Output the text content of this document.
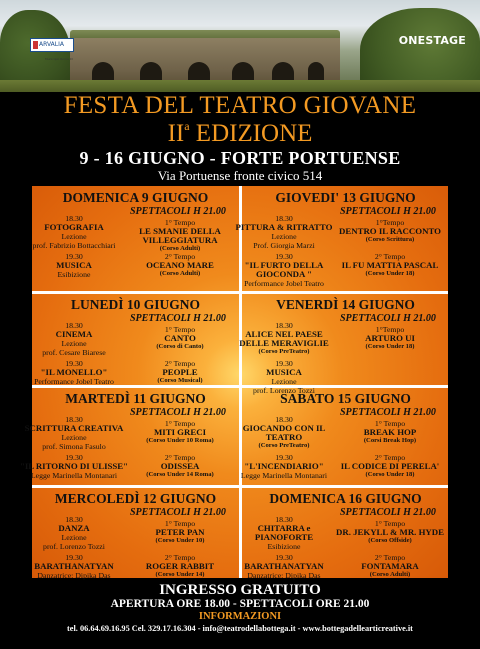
ARVALIA
Municipio Roma XI
ONESTAGE
FESTA DEL TEATRO GIOVANE
$II^a$ EDIZIONE
9 - 16 GIUGNO - FORTE PORTUENSE
Via Portuense fronte civico 514
DOMENICA 9 GIUGNO
SPETTACOLI H 21.00
18.30
FOTOGRAFIA
Lezione
prof. Fabrizio Bottacchiari
19.30
MUSICA
Esibizione
1° Tempo
LE SMANIE DELLA
VILLEGGIATURA
(Corso Adulti)
2° Tempo
OCEANO MARE
(Corso Adulti)
GIOVEDI' 13 GIUGNO
SPETTACOLI H 21.00
18.30
PITTURA & RITRATTO
Lezione
Prof. Giorgia Marzi
19.30
"IL FURTO DELLA
GIOCONDA "
Performance Jobel Teatro
1°Tempo
DENTRO IL RACCONTO
(Corso Scrittura)
2° Tempo
IL FU MATTIA PASCAL
(Corso Under 18)
LUNEDÌ 10 GIUGNO
SPETTACOLI H 21.00
18.30
CINEMA
Lezione
prof. Cesare Biarese
19.30
"IL MONELLO"
Performance Jobel Teatro
1° Tempo
CANTO
(Corso di Canto)
2° Tempo
PEOPLE
(Corso Musical)
VENERDÌ 14 GIUGNO
SPETTACOLI H 21.00
18.30
ALICE NEL PAESE
DELLE MERAVIGLIE
(Corso PreTeatro)
19.30
MUSICA
Lezione
prof. Lorenzo Tozzi
1°Tempo
ARTURO UI
(Corso Under 18)
MARTEDÌ 11 GIUGNO
SPETTACOLI H 21.00
18.30
SCRITTURA CREATIVA
Lezione
prof. Simona Fasulo
19.30
"IL RITORNO DI ULISSE"
Legge Marinella Montanari
1° Tempo
MITI GRECI
(Corso Under 10 Roma)
2° Tempo
ODISSEA
(Corso Under 14 Roma)
SABATO 15 GIUGNO
SPETTACOLI H 21.00
18.30
GIOCANDO CON IL
TEATRO
(Corso PreTeatro)
19.30
"L'INCENDIARIO"
Legge Marinella Montanari
1° Tempo
BREAK HOP
(Corsi Break Hop)
2° Tempo
IL CODICE DI PERELA'
(Corso Under 18)
MERCOLEDÌ 12 GIUGNO
SPETTACOLI H 21.00
18.30
DANZA
Lezione
prof. Lorenzo Tozzi
19.30
BARATHANATYAN
Danzatrice: Dipika Das
1° Tempo
PETER PAN
(Corso Under 10)
2° Tempo
ROGER RABBIT
(Corso Under 14)
DOMENICA 16 GIUGNO
SPETTACOLI H 21.00
18.30
CHITARRA e
PIANOFORTE
Esibizione
19.30
BARATHANATYAN
Danzatrice: Dipika Das
1° Tempo
DR. JEKYLL & MR. HYDE
(Corso Offside)
2° Tempo
FONTAMARA
(Corso Adulti)
INGRESSO GRATUITO
APERTURA ORE 18.00 - SPETTACOLI ORE 21.00
INFORMAZIONI
tel. 06.64.69.16.95 Cel. 329.17.16.304 - info@teatrodellabottega.it - www.bottegadellearticreative.it
